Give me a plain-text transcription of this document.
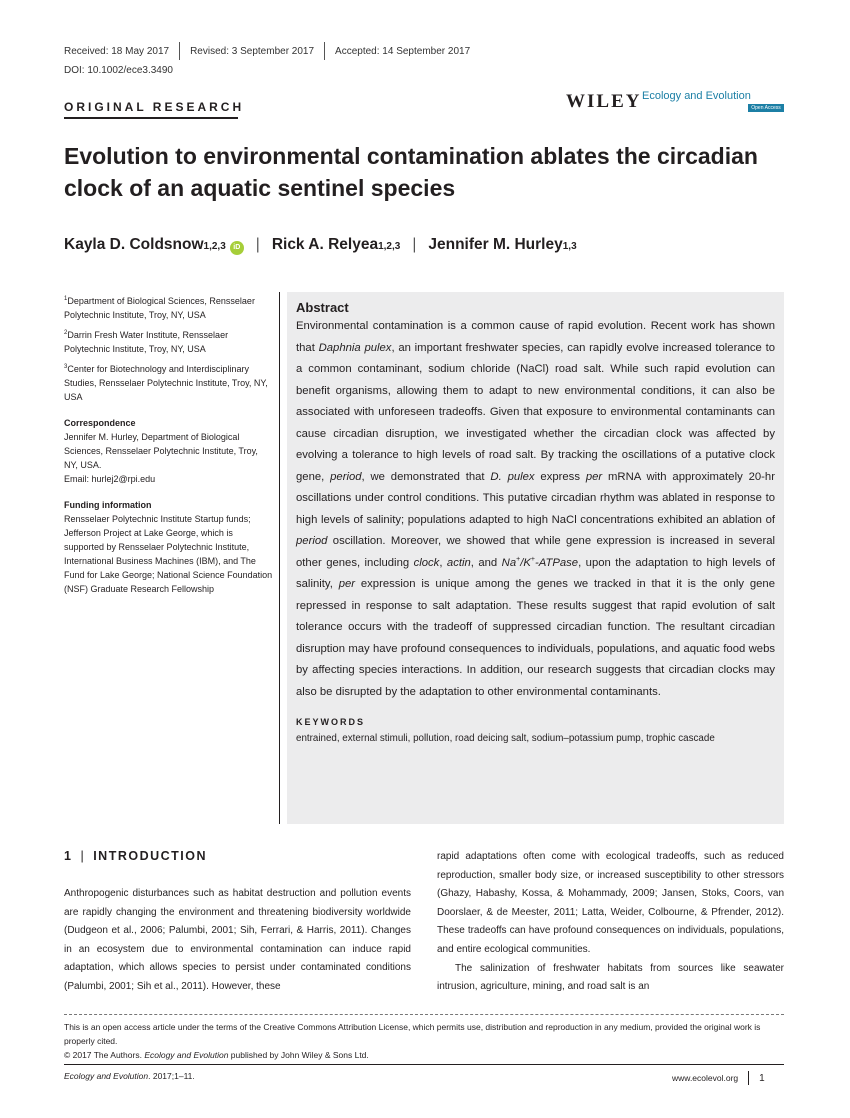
Received: 18 May 2017 Revised: 3 September 2017 Accepted: 14 September 2017
DOI: 10.1002/ece3.3490
ORIGINAL RESEARCH	WILEY Ecology and Evolution
Open Access
Evolution to environmental contamination ablates the circadian clock of an aquatic sentinel species
Kayla D. Coldsnow 1,2,3	iD | Rick A. Relyea 1,2,3 | Jennifer M. Hurley 1,3
$^1$Department of Biological Sciences, Rensselaer Polytechnic Institute, Troy, NY, USA
$^2$Darrin Fresh Water Institute, Rensselaer Polytechnic Institute, Troy, NY, USA
$^3$Center for Biotechnology and Interdisciplinary Studies, Rensselaer Polytechnic Institute, Troy, NY, USA
Correspondence
Jennifer M. Hurley, Department of Biological Sciences, Rensselaer Polytechnic Institute, Troy, NY, USA.
Email: hurlej2@rpi.edu
Funding information
Rensselaer Polytechnic Institute Startup funds; Jefferson Project at Lake George, which is supported by Rensselaer Polytechnic Institute, International Business Machines (IBM), and The Fund for Lake George; National Science Foundation (NSF) Graduate Research Fellowship
Abstract

Environmental contamination is a common cause of rapid evolution. Recent work has shown that Daphnia pulex, an important freshwater species, can rapidly evolve increased tolerance to a common contaminant, sodium chloride (NaCl) road salt. While such rapid evolution can benefit organisms, allowing them to adapt to new environmental conditions, it can also be associated with unforeseen tradeoffs. Given that exposure to environmental contaminants can cause circadian disruption, we investigated whether the circadian clock was affected by evolving a tolerance to high levels of road salt. By tracking the oscillations of a putative clock gene, period, we demonstrated that D. pulex express per mRNA with approximately 20-hr oscillations under control conditions. This putative circadian rhythm was ablated in response to high levels of salinity; populations adapted to high NaCl concentrations exhibited an ablation of period oscillation. Moreover, we showed that while gene expression is increased in several other genes, including clock, actin, and Na+/K+-ATPase, upon the adaptation to high levels of salinity, per expression is unique among the genes we tracked in that it is the only gene repressed in response to salt adaptation. These results suggest that rapid evolution of salt tolerance occurs with the tradeoff of suppressed circadian function. The resultant circadian disruption may have profound consequences to individuals, populations, and aquatic food webs by affecting species interactions. In addition, our research suggests that circadian clocks may also be disrupted by the adaptation to other environmental contaminants.

KEYWORDS
entrained, external stimuli, pollution, road deicing salt, sodium–potassium pump, trophic cascade
1 | INTRODUCTION

Anthropogenic disturbances such as habitat destruction and pollution events are rapidly changing the environment and threatening biodiversity worldwide (Dudgeon et al., 2006; Palumbi, 2001; Sih, Ferrari, & Harris, 2011). Changes in an ecosystem due to environmental contamination can induce rapid adaptation, which allows species to persist under contaminated conditions (Palumbi, 2001; Sih et al., 2011). However, these

rapid adaptations often come with ecological tradeoffs, such as reduced reproduction, smaller body size, or increased susceptibility to other stressors (Ghazy, Habashy, Kossa, & Mohammady, 2009; Jansen, Stoks, Coors, van Doorslaer, & de Meester, 2011; Latta, Weider, Colbourne, & Pfrender, 2012). These tradeoffs can have profound consequences on individuals, populations, and entire ecological communities.

The salinization of freshwater habitats from sources like seawater intrusion, agriculture, mining, and road salt is an

This is an open access article under the terms of the Creative Commons Attribution License, which permits use, distribution and reproduction in any medium, provided the original work is properly cited.
© 2017 The Authors. Ecology and Evolution published by John Wiley & Sons Ltd.
Ecology and Evolution. 2017;1–11.	www.ecolevol.org 1
